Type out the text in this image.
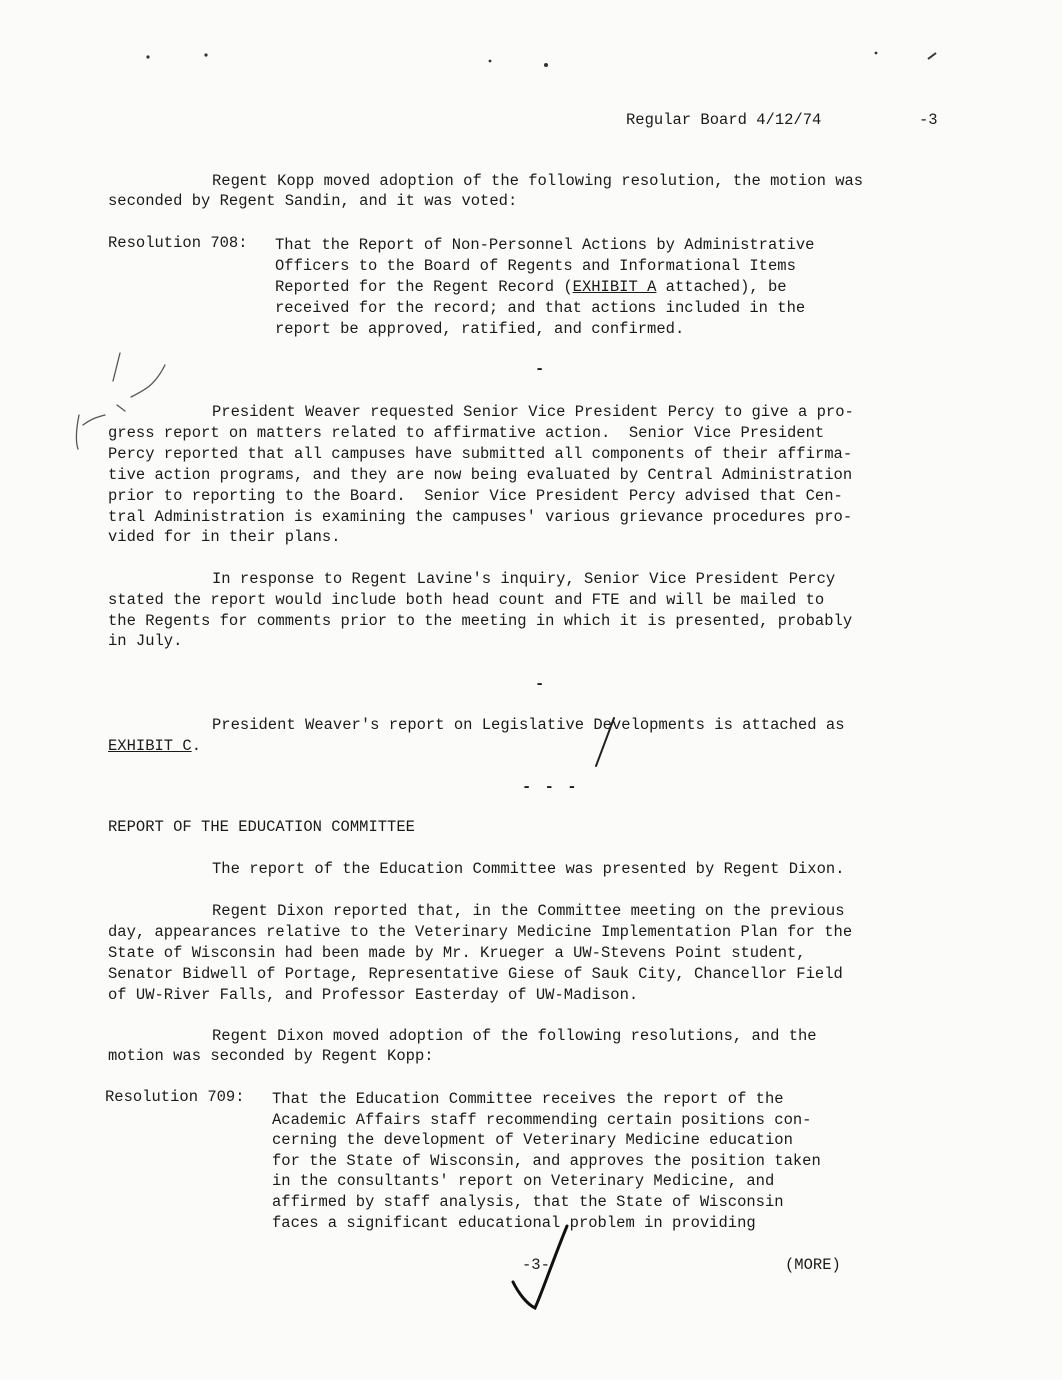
Regular Board 4/12/74	-3
Regent Kopp moved adoption of the following resolution, the motion was
seconded by Regent Sandin, and it was voted:
Resolution 708: That the Report of Non-Personnel Actions by Administrative
Officers to the Board of Regents and Informational Items
Reported for the Regent Record (EXHIBIT A attached), be
received for the record; and that actions included in the
report be approved, ratified, and confirmed.
-
President Weaver requested Senior Vice President Percy to give a pro-
gress report on matters related to affirmative action.  Senior Vice President
Percy reported that all campuses have submitted all components of their affirma-
tive action programs, and they are now being evaluated by Central Administration
prior to reporting to the Board.  Senior Vice President Percy advised that Cen-
tral Administration is examining the campuses' various grievance procedures pro-
vided for in their plans.
In response to Regent Lavine's inquiry, Senior Vice President Percy
stated the report would include both head count and FTE and will be mailed to
the Regents for comments prior to the meeting in which it is presented, probably
in July.
-
President Weaver's report on Legislative Developments is attached as
EXHIBIT C.
- - -
REPORT OF THE EDUCATION COMMITTEE
The report of the Education Committee was presented by Regent Dixon.
Regent Dixon reported that, in the Committee meeting on the previous
day, appearances relative to the Veterinary Medicine Implementation Plan for the
State of Wisconsin had been made by Mr. Krueger a UW-Stevens Point student,
Senator Bidwell of Portage, Representative Giese of Sauk City, Chancellor Field
of UW-River Falls, and Professor Easterday of UW-Madison.
Regent Dixon moved adoption of the following resolutions, and the
motion was seconded by Regent Kopp:
Resolution 709: That the Education Committee receives the report of the
Academic Affairs staff recommending certain positions con-
cerning the development of Veterinary Medicine education
for the State of Wisconsin, and approves the position taken
in the consultants' report on Veterinary Medicine, and
affirmed by staff analysis, that the State of Wisconsin
faces a significant educational problem in providing
-3-	(MORE)
